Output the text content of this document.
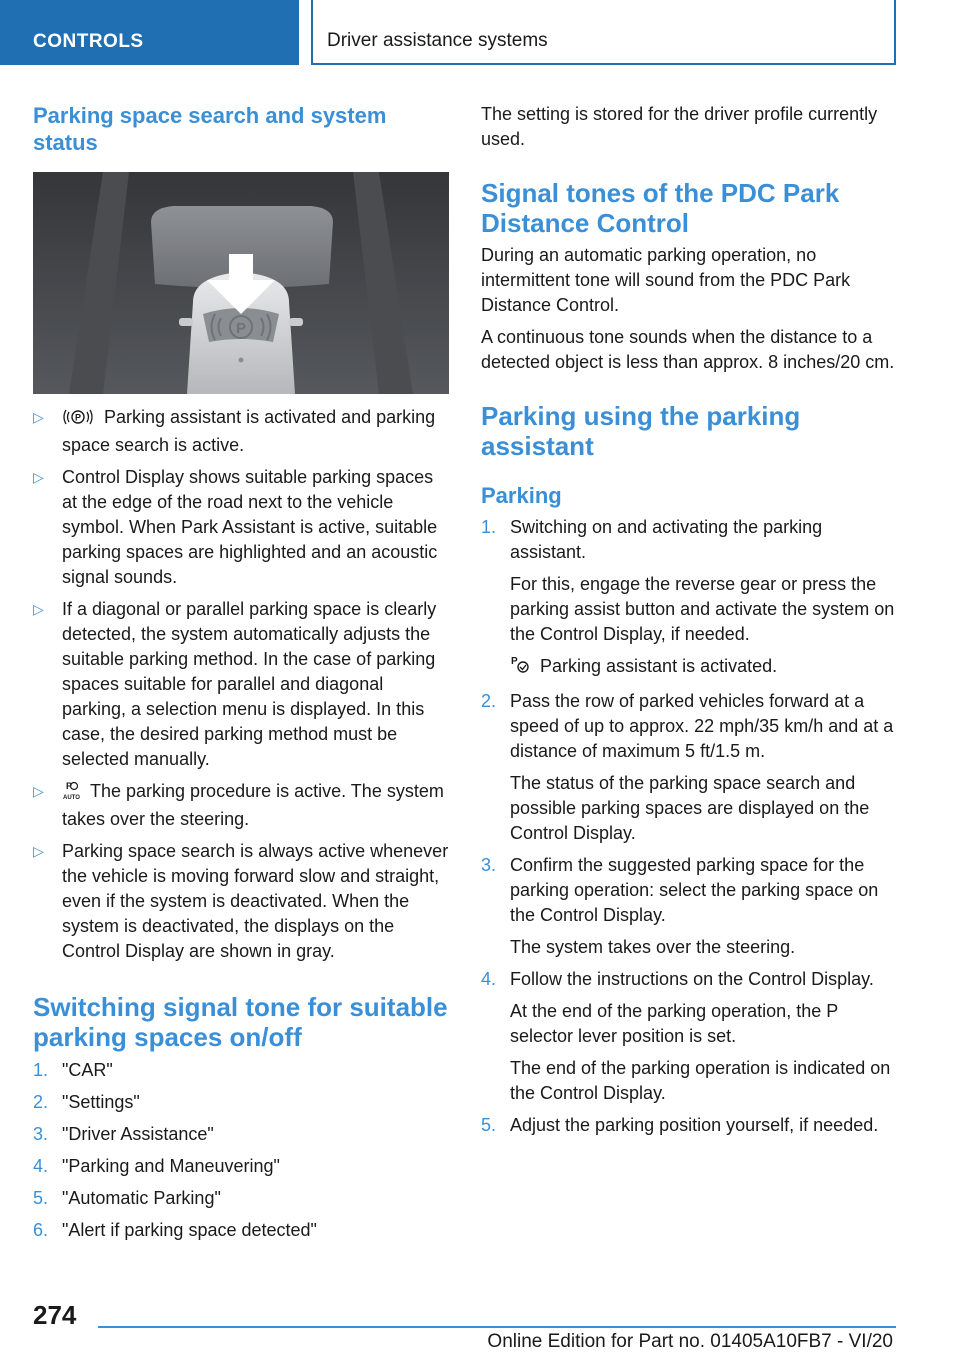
CONTROLS	Driver assistance systems
Parking space search and system status
P
▷	P Parking assistant is activated and parking space search is active.
▷ Control Display shows suitable parking spaces at the edge of the road next to the vehicle symbol. When Park Assistant is active, suitable parking spaces are highlighted and an acoustic signal sounds.
▷ If a diagonal or parallel parking space is clearly detected, the system automatically adjusts the suitable parking method. In the case of parking spaces suitable for parallel and diagonal parking, a selection menu is displayed. In this case, the desired parking method must be selected manually.
▷ P
AUTO The parking procedure is active. The system takes over the steering.
▷ Parking space search is always active whenever the vehicle is moving forward slow and straight, even if the system is deactivated. When the system is deactivated, the displays on the Control Display are shown in gray.
Switching signal tone for suitable parking spaces on/off
1. "CAR"
2. "Settings"
3. "Driver Assistance"
4. "Parking and Maneuvering"
5. "Automatic Parking"
6. "Alert if parking space detected"

The setting is stored for the driver profile currently used.

Signal tones of the PDC Park Distance Control

During an automatic parking operation, no intermittent tone will sound from the PDC Park Distance Control.

A continuous tone sounds when the distance to a detected object is less than approx. 8 inches/20 cm.

Parking using the parking assistant
Parking
1. Switching on and activating the parking assistant.

For this, engage the reverse gear or press the parking assist button and activate the system on the Control Display, if needed.

P Parking assistant is activated.

2. Pass the row of parked vehicles forward at a speed of up to approx. 22 mph/35 km/h and at a distance of maximum 5 ft/1.5 m.

The status of the parking space search and possible parking spaces are displayed on the Control Display.

3. Confirm the suggested parking space for the parking operation: select the parking space on the Control Display.

The system takes over the steering.

4. Follow the instructions on the Control Display.

At the end of the parking operation, the P selector lever position is set.

The end of the parking operation is indicated on the Control Display.

5. Adjust the parking position yourself, if needed.
274
Online Edition for Part no. 01405A10FB7 - VI/20
